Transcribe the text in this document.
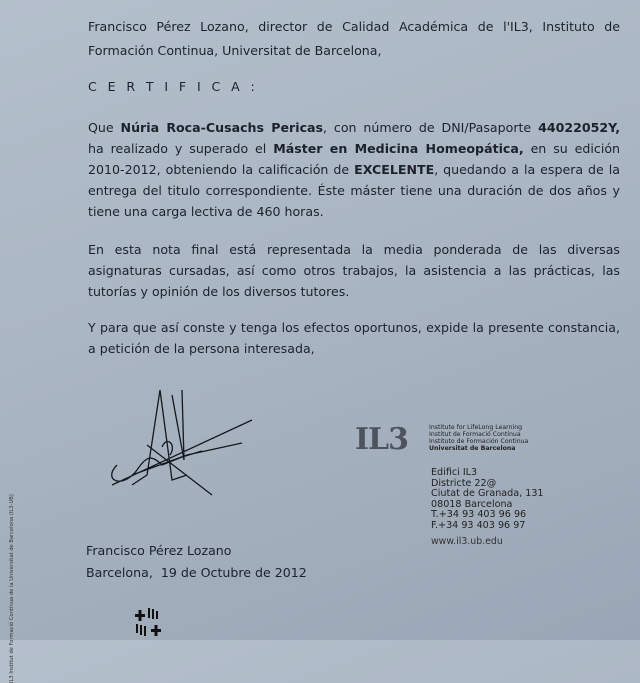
Francisco Pérez Lozano, director de Calidad Académica de l'IL3, Instituto de
Formación Continua, Universitat de Barcelona,
C E R T I F I C A :
Que Núria Roca-Cusachs Pericas, con número de DNI/Pasaporte 44022052Y,
ha realizado y superado el Máster en Medicina Homeopática, en su edición
2010-2012, obteniendo la calificación de EXCELENTE, quedando a la espera de la
entrega del titulo correspondiente. Éste máster tiene una duración de dos años y
tiene una carga lectiva de 460 horas.
En esta nota final está representada la media ponderada de las diversas
asignaturas cursadas, así como otros trabajos, la asistencia a las prácticas, las
tutorías y opinión de los diversos tutores.
Y para que así conste y tenga los efectos oportunos, expide la presente constancia,
a petición de la persona interesada,
IL3	Institute for LifeLong Learning
Institut de Formació Contínua
Instituto de Formación Continua
Universitat de Barcelona
Edifici IL3
Districte 22@
Ciutat de Granada, 131
08018 Barcelona
T.+34 93 403 96 96
F.+34 93 403 96 97
www.il3.ub.edu
Francisco Pérez Lozano
Barcelona,  19 de Octubre de 2012
IL3 Institut de Formació Contínua de la Universitat de Barcelona (IL3-UB)
